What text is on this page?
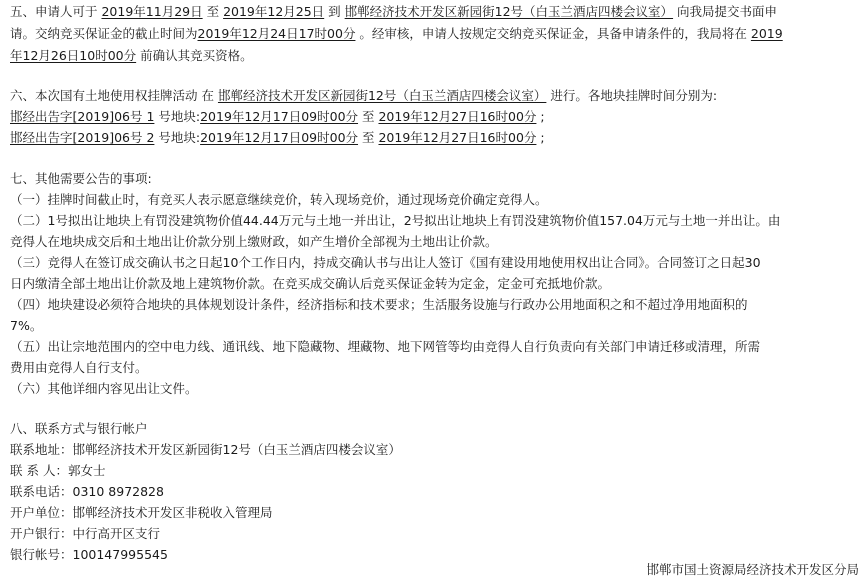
五、申请人可于 2019年11月29日 至 2019年12月25日 到 邯郸经济技术开发区新园街12号（白玉兰酒店四楼会议室） 向我局提交书面申
请。交纳竞买保证金的截止时间为2019年12月24日17时00分 。经审核，申请人按规定交纳竞买保证金，具备申请条件的，我局将在 2019
年12月26日10时00分 前确认其竞买资格。
六、本次国有土地使用权挂牌活动 在 邯郸经济技术开发区新园街12号（白玉兰酒店四楼会议室） 进行。各地块挂牌时间分别为:
邯经出告字[2019]06号 1 号地块:2019年12月17日09时00分 至 2019年12月27日16时00分 ;
邯经出告字[2019]06号 2 号地块:2019年12月17日09时00分 至 2019年12月27日16时00分 ;
七、其他需要公告的事项:
（一）挂牌时间截止时，有竞买人表示愿意继续竞价，转入现场竞价，通过现场竞价确定竞得人。
（二）1号拟出让地块上有罚没建筑物价值44.44万元与土地一并出让，2号拟出让地块上有罚没建筑物价值157.04万元与土地一并出让。由
竞得人在地块成交后和土地出让价款分别上缴财政，如产生增价全部视为土地出让价款。
（三）竞得人在签订成交确认书之日起10个工作日内，持成交确认书与出让人签订《国有建设用地使用权出让合同》。合同签订之日起30
日内缴清全部土地出让价款及地上建筑物价款。在竞买成交确认后竞买保证金转为定金，定金可充抵地价款。
（四）地块建设必须符合地块的具体规划设计条件，经济指标和技术要求；生活服务设施与行政办公用地面积之和不超过净用地面积的
7%。
（五）出让宗地范围内的空中电力线、通讯线、地下隐藏物、埋藏物、地下网管等均由竞得人自行负责向有关部门申请迁移或清理，所需
费用由竞得人自行支付。
（六）其他详细内容见出让文件。
八、联系方式与银行帐户
联系地址：邯郸经济技术开发区新园街12号（白玉兰酒店四楼会议室）
联 系 人：郭女士
联系电话：0310 8972828
开户单位：邯郸经济技术开发区非税收入管理局
开户银行：中行高开区支行
银行帐号：100147995545
邯郸市国土资源局经济技术开发区分局
